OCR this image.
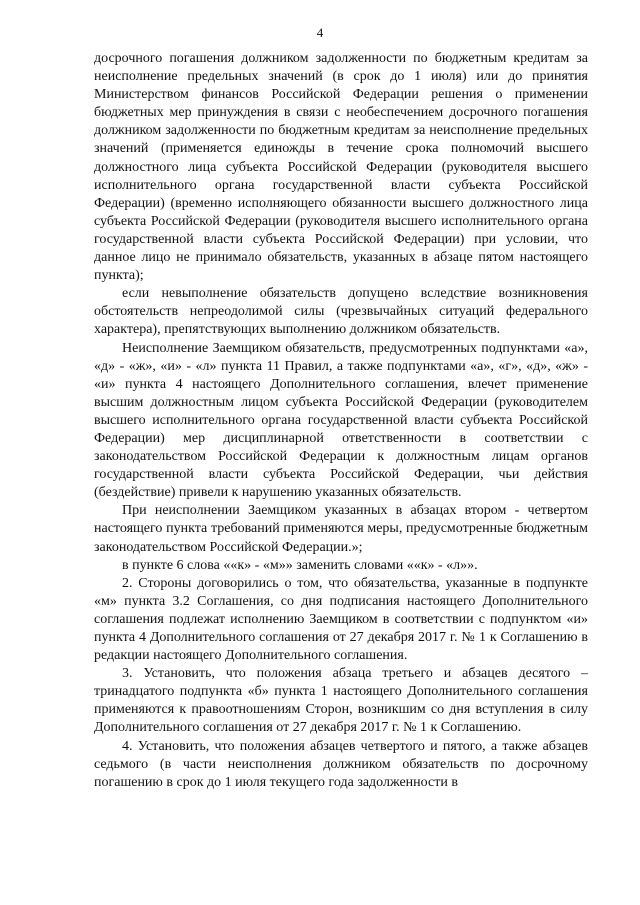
4

досрочного погашения должником задолженности по бюджетным кредитам за неисполнение предельных значений (в срок до 1 июля) или до принятия Министерством финансов Российской Федерации решения о применении бюджетных мер принуждения в связи с необеспечением досрочного погашения должником задолженности по бюджетным кредитам за неисполнение предельных значений (применяется единожды в течение срока полномочий высшего должностного лица субъекта Российской Федерации (руководителя высшего исполнительного органа государственной власти субъекта Российской Федерации) (временно исполняющего обязанности высшего должностного лица субъекта Российской Федерации (руководителя высшего исполнительного органа государственной власти субъекта Российской Федерации) при условии, что данное лицо не принимало обязательств, указанных в абзаце пятом настоящего пункта);

если невыполнение обязательств допущено вследствие возникновения обстоятельств непреодолимой силы (чрезвычайных ситуаций федерального характера), препятствующих выполнению должником обязательств.

Неисполнение Заемщиком обязательств, предусмотренных подпунктами «а», «д» - «ж», «и» - «л» пункта 11 Правил, а также подпунктами «а», «г», «д», «ж» - «и» пункта 4 настоящего Дополнительного соглашения, влечет применение высшим должностным лицом субъекта Российской Федерации (руководителем высшего исполнительного органа государственной власти субъекта Российской Федерации) мер дисциплинарной ответственности в соответствии с законодательством Российской Федерации к должностным лицам органов государственной власти субъекта Российской Федерации, чьи действия (бездействие) привели к нарушению указанных обязательств.

При неисполнении Заемщиком указанных в абзацах втором - четвертом настоящего пункта требований применяются меры, предусмотренные бюджетным законодательством Российской Федерации.»;

в пункте 6 слова ««к» - «м»» заменить словами ««к» - «л»».

2. Стороны договорились о том, что обязательства, указанные в подпункте «м» пункта 3.2 Соглашения, со дня подписания настоящего Дополнительного соглашения подлежат исполнению Заемщиком в соответствии с подпунктом «и» пункта 4 Дополнительного соглашения от 27 декабря 2017 г. № 1 к Соглашению в редакции настоящего Дополнительного соглашения.

3. Установить, что положения абзаца третьего и абзацев десятого – тринадцатого подпункта «б» пункта 1 настоящего Дополнительного соглашения применяются к правоотношениям Сторон, возникшим со дня вступления в силу Дополнительного соглашения от 27 декабря 2017 г. № 1 к Соглашению.

4. Установить, что положения абзацев четвертого и пятого, а также абзацев седьмого (в части неисполнения должником обязательств по досрочному погашению в срок до 1 июля текущего года задолженности в
